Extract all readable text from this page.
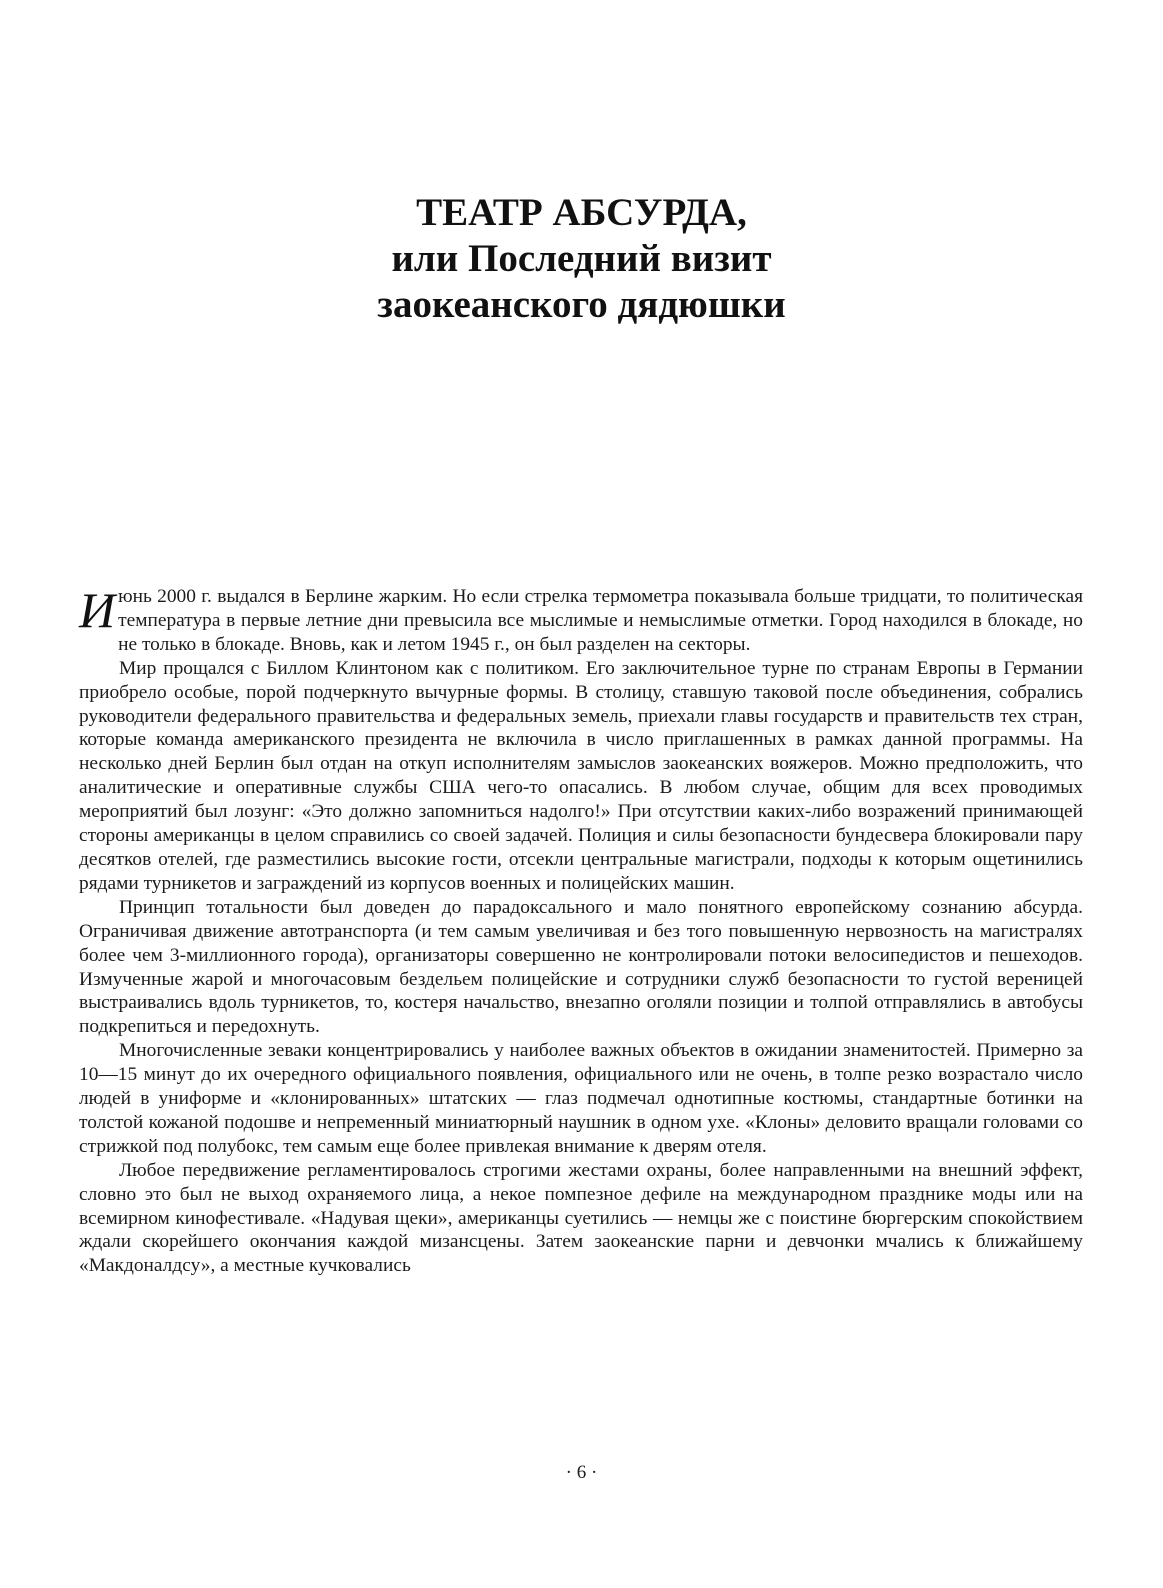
ТЕАТР АБСУРДА,
или Последний визит
заокеанского дядюшки

Июнь 2000 г. выдался в Берлине жарким. Но если стрелка термометра показывала больше тридцати, то политическая температура в первые летние дни превысила все мыслимые и немыслимые отметки. Город находился в блокаде, но не только в блокаде. Вновь, как и летом 1945 г., он был разделен на секторы.

Мир прощался с Биллом Клинтоном как с политиком. Его заключительное турне по странам Европы в Германии приобрело особые, порой подчеркнуто вычурные формы. В столицу, ставшую таковой после объединения, собрались руководители федерального правительства и федеральных земель, приехали главы государств и правительств тех стран, которые команда американского президента не включила в число приглашенных в рамках данной программы. На несколько дней Берлин был отдан на откуп исполнителям замыслов заокеанских вояжеров. Можно предположить, что аналитические и оперативные службы США чего-то опасались. В любом случае, общим для всех проводимых мероприятий был лозунг: «Это должно запомниться надолго!» При отсутствии каких-либо возражений принимающей стороны американцы в целом справились со своей задачей. Полиция и силы безопасности бундесвера блокировали пару десятков отелей, где разместились высокие гости, отсекли центральные магистрали, подходы к которым ощетинились рядами турникетов и заграждений из корпусов военных и полицейских машин.

Принцип тотальности был доведен до парадоксального и мало понятного европейскому сознанию абсурда. Ограничивая движение автотранспорта (и тем самым увеличивая и без того повышенную нервозность на магистралях более чем 3-миллионного города), организаторы совершенно не контролировали потоки велосипедистов и пешеходов. Измученные жарой и многочасовым бездельем полицейские и сотрудники служб безопасности то густой вереницей выстраивались вдоль турникетов, то, костеря начальство, внезапно оголяли позиции и толпой отправлялись в автобусы подкрепиться и передохнуть.

Многочисленные зеваки концентрировались у наиболее важных объектов в ожидании знаменитостей. Примерно за 10—15 минут до их очередного официального появления, официального или не очень, в толпе резко возрастало число людей в униформе и «клонированных» штатских — глаз подмечал однотипные костюмы, стандартные ботинки на толстой кожаной подошве и непременный миниатюрный наушник в одном ухе. «Клоны» деловито вращали головами со стрижкой под полубокс, тем самым еще более привлекая внимание к дверям отеля.

Любое передвижение регламентировалось строгими жестами охраны, более направленными на внешний эффект, словно это был не выход охраняемого лица, а некое помпезное дефиле на международном празднике моды или на всемирном кинофестивале. «Надувая щеки», американцы суетились — немцы же с поистине бюргерским спокойствием ждали скорейшего окончания каждой мизансцены. Затем заокеанские парни и девчонки мчались к ближайшему «Макдоналдсу», а местные кучковались

· 6 ·
